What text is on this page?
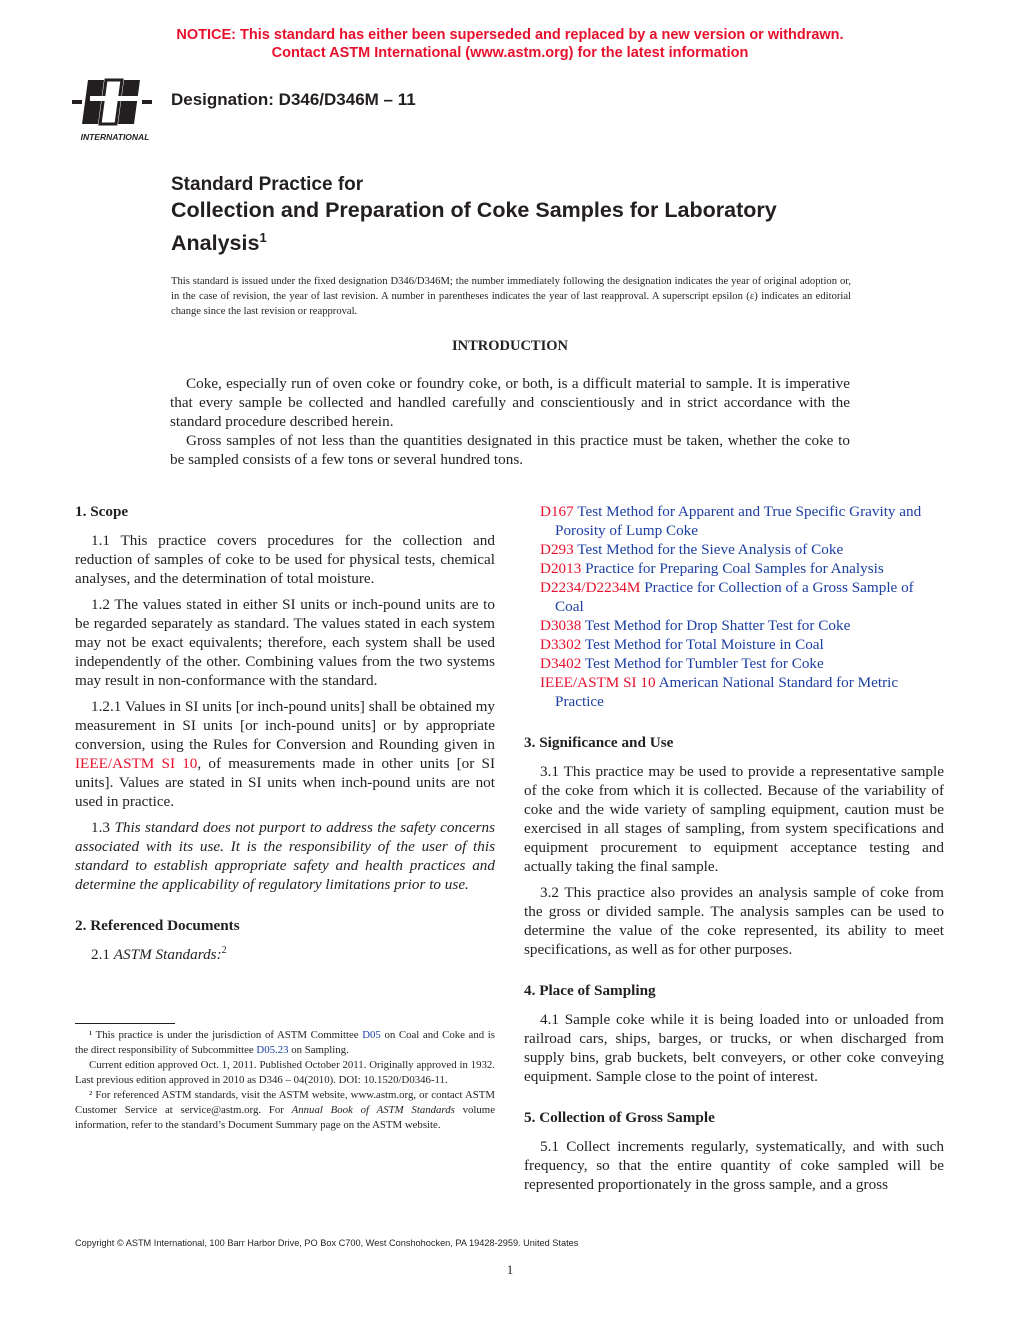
NOTICE: This standard has either been superseded and replaced by a new version or withdrawn.
Contact ASTM International (www.astm.org) for the latest information
INTERNATIONAL
Designation: D346/D346M – 11
Standard Practice for
Collection and Preparation of Coke Samples for Laboratory
Analysis$^1$
This standard is issued under the fixed designation D346/D346M; the number immediately following the designation indicates the year of original adoption or, in the case of revision, the year of last revision. A number in parentheses indicates the year of last reapproval. A superscript epsilon (ε) indicates an editorial change since the last revision or reapproval.
INTRODUCTION

Coke, especially run of oven coke or foundry coke, or both, is a difficult material to sample. It is imperative that every sample be collected and handled carefully and conscientiously and in strict accordance with the standard procedure described herein.

Gross samples of not less than the quantities designated in this practice must be taken, whether the coke to be sampled consists of a few tons or several hundred tons.

1. Scope

1.1 This practice covers procedures for the collection and reduction of samples of coke to be used for physical tests, chemical analyses, and the determination of total moisture.

1.2 The values stated in either SI units or inch-pound units are to be regarded separately as standard. The values stated in each system may not be exact equivalents; therefore, each system shall be used independently of the other. Combining values from the two systems may result in non-conformance with the standard.

1.2.1 Values in SI units [or inch-pound units] shall be obtained my measurement in SI units [or inch-pound units] or by appropriate conversion, using the Rules for Conversion and Rounding given in IEEE/ASTM SI 10, of measurements made in other units [or SI units]. Values are stated in SI units when inch-pound units are not used in practice.

1.3 This standard does not purport to address the safety concerns associated with its use. It is the responsibility of the user of this standard to establish appropriate safety and health practices and determine the applicability of regulatory limitations prior to use.

2. Referenced Documents

2.1 ASTM Standards:$^2$

D167 Test Method for Apparent and True Specific Gravity and Porosity of Lump Coke
D293 Test Method for the Sieve Analysis of Coke
D2013 Practice for Preparing Coal Samples for Analysis
D2234/D2234M Practice for Collection of a Gross Sample of Coal
D3038 Test Method for Drop Shatter Test for Coke
D3302 Test Method for Total Moisture in Coal
D3402 Test Method for Tumbler Test for Coke
IEEE/ASTM SI 10 American National Standard for Metric Practice
3. Significance and Use

3.1 This practice may be used to provide a representative sample of the coke from which it is collected. Because of the variability of coke and the wide variety of sampling equipment, caution must be exercised in all stages of sampling, from system specifications and equipment procurement to equipment acceptance testing and actually taking the final sample.

3.2 This practice also provides an analysis sample of coke from the gross or divided sample. The analysis samples can be used to determine the value of the coke represented, its ability to meet specifications, as well as for other purposes.

4. Place of Sampling

4.1 Sample coke while it is being loaded into or unloaded from railroad cars, ships, barges, or trucks, or when discharged from supply bins, grab buckets, belt conveyers, or other coke conveying equipment. Sample close to the point of interest.

5. Collection of Gross Sample

5.1 Collect increments regularly, systematically, and with such frequency, so that the entire quantity of coke sampled will be represented proportionately in the gross sample, and a gross

¹ This practice is under the jurisdiction of ASTM Committee D05 on Coal and Coke and is the direct responsibility of Subcommittee D05.23 on Sampling.

Current edition approved Oct. 1, 2011. Published October 2011. Originally approved in 1932. Last previous edition approved in 2010 as D346 – 04(2010). DOI: 10.1520/D0346-11.

² For referenced ASTM standards, visit the ASTM website, www.astm.org, or contact ASTM Customer Service at service@astm.org. For Annual Book of ASTM Standards volume information, refer to the standard’s Document Summary page on the ASTM website.

Copyright © ASTM International, 100 Barr Harbor Drive, PO Box C700, West Conshohocken, PA 19428-2959. United States
1
